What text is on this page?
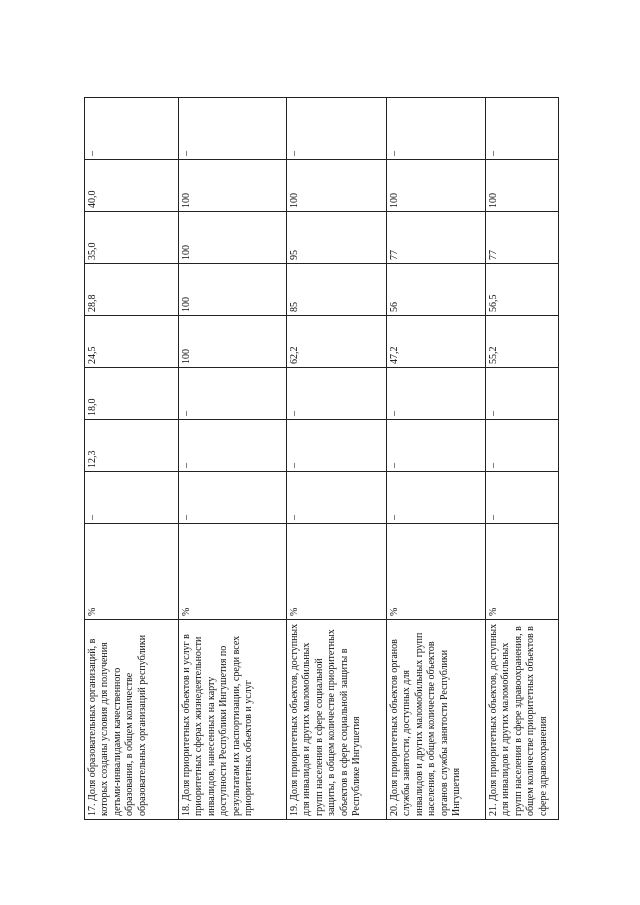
17. Доля образовательных организаций, в которых созданы условия для получения детьми-инвалидами качественного образования, в общем количестве образовательных организаций республики	%	–	12,3	18,0	24,5	28,8	35,0	40,0	–
18. Доля приоритетных объектов и услуг в приоритетных сферах жизнедеятельности инвалидов, нанесенных на карту доступности Республики Ингушетия по результатам их паспортизации, среди всех приоритетных объектов и услуг	%	–	–	–	100	100	100	100	–
19. Доля приоритетных объектов, доступных для инвалидов и других маломобильных групп населения в сфере социальной защиты, в общем количестве приоритетных объектов в сфере социальной защиты в Республике Ингушетия	%	–	–	–	62,2	85	95	100	–
20. Доля приоритетных объектов органов службы занятости, доступных для инвалидов и других маломобильных групп населения, в общем количестве объектов органов службы занятости Республики Ингушетия	%	–	–	–	47,2	56	77	100	–
21. Доля приоритетных объектов, доступных для инвалидов и других маломобильных групп населения в сфере здравоохранения, в общем количестве приоритетных объектов в сфере здравоохранения	%	–	–	–	55,2	56,5	77	100	–
